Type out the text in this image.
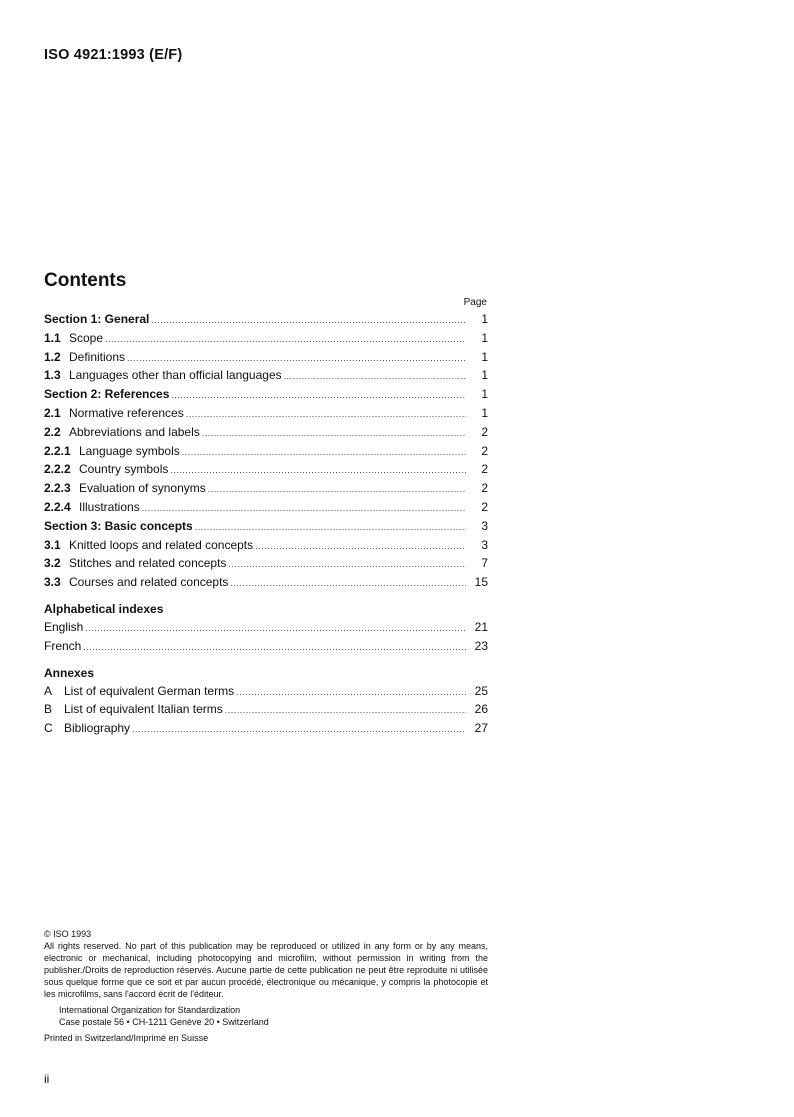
ISO 4921:1993 (E/F)
Contents
Page
Section 1: General .....	1
1.1 Scope .....	1
1.2 Definitions .....	1
1.3 Languages other than official languages .....	1
Section 2: References .....	1
2.1 Normative references .....	1
2.2 Abbreviations and labels .....	2
2.2.1 Language symbols .....	2
2.2.2 Country symbols .....	2
2.2.3 Evaluation of synonyms .....	2
2.2.4 Illustrations .....	2
Section 3: Basic concepts .....	3
3.1 Knitted loops and related concepts .....	3
3.2 Stitches and related concepts .....	7
3.3 Courses and related concepts .....	15
Alphabetical indexes
English .....	21
French .....	23
Annexes
A List of equivalent German terms .....	25
B List of equivalent Italian terms .....	26
C Bibliography .....	27

© ISO 1993

All rights reserved. No part of this publication may be reproduced or utilized in any form or by any means, electronic or mechanical, including photocopying and microfilm, without permission in writing from the publisher./Droits de reproduction réservés. Aucune partie de cette publication ne peut être reproduite ni utilisée sous quelque forme que ce soit et par aucun procédé, électronique ou mécanique, y compris la photocopie et les microfilms, sans l'accord écrit de l'éditeur.

International Organization for Standardization

Case postale 56 • CH-1211 Genève 20 • Switzerland

Printed in Switzerland/Imprimé en Suisse

ii
